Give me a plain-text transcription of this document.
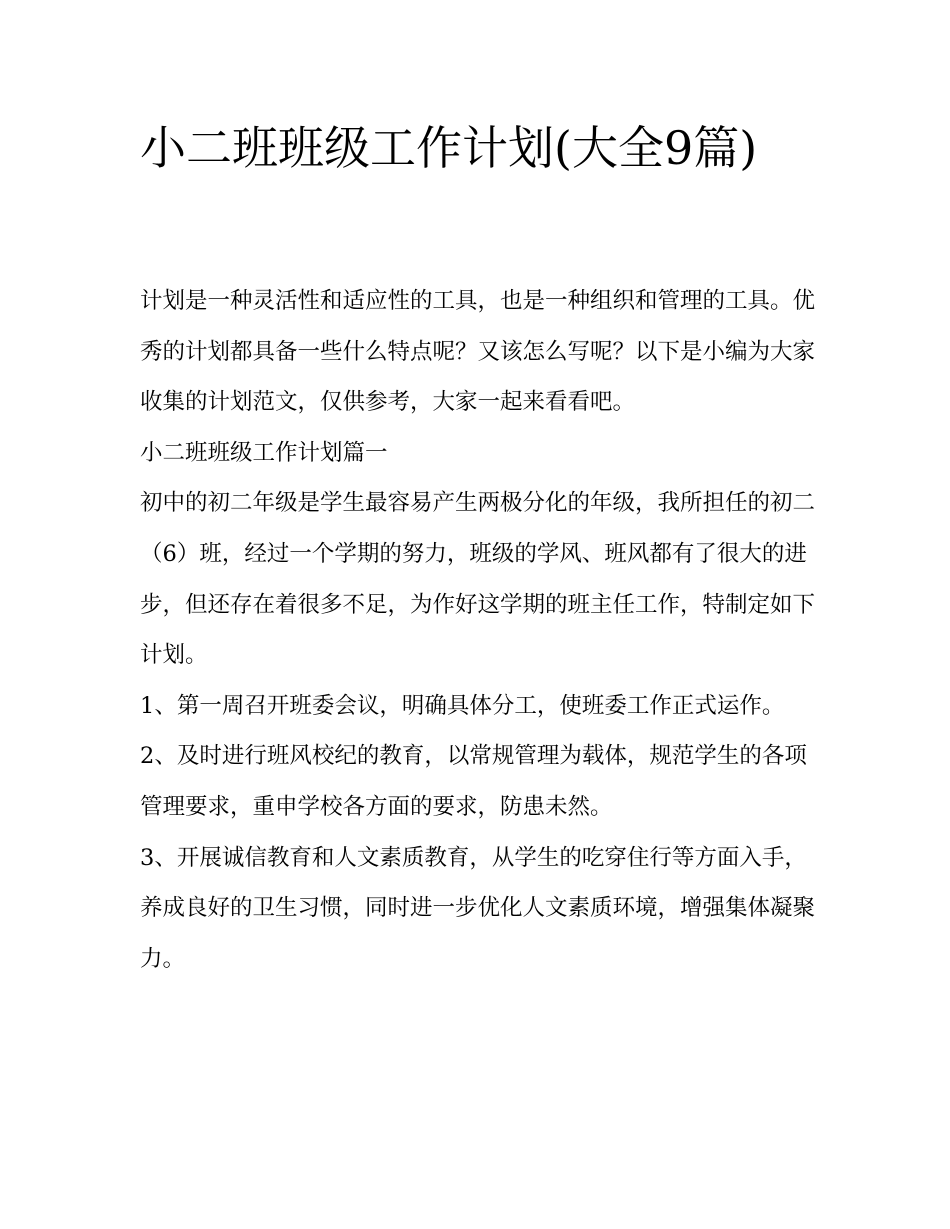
小二班班级工作计划(大全9篇)

计划是一种灵活性和适应性的工具，也是一种组织和管理的工具。优秀的计划都具备一些什么特点呢？又该怎么写呢？以下是小编为大家收集的计划范文，仅供参考，大家一起来看看吧。

小二班班级工作计划篇一

初中的初二年级是学生最容易产生两极分化的年级，我所担任的初二（6）班，经过一个学期的努力，班级的学风、班风都有了很大的进步，但还存在着很多不足，为作好这学期的班主任工作，特制定如下计划。

1、第一周召开班委会议，明确具体分工，使班委工作正式运作。

2、及时进行班风校纪的教育，以常规管理为载体，规范学生的各项管理要求，重申学校各方面的要求，防患未然。

3、开展诚信教育和人文素质教育，从学生的吃穿住行等方面入手，养成良好的卫生习惯，同时进一步优化人文素质环境，增强集体凝聚力。
